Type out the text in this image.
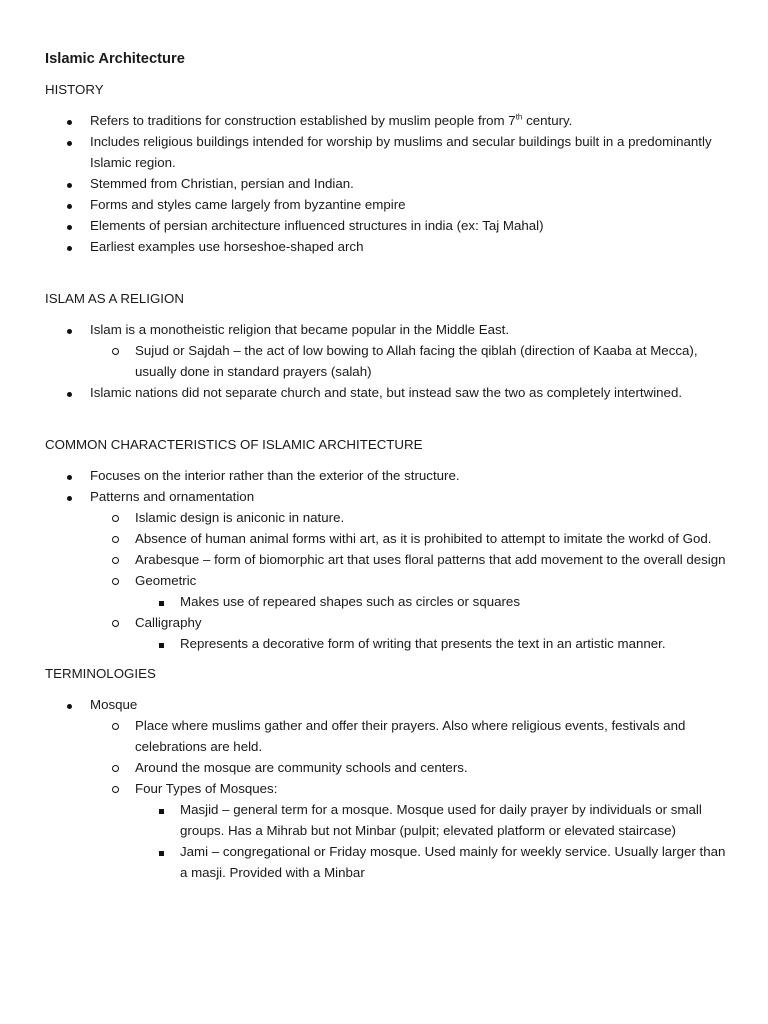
Islamic Architecture
HISTORY
Refers to traditions for construction established by muslim people from 7th century.
Includes religious buildings intended for worship by muslims and secular buildings built in a predominantly Islamic region.
Stemmed from Christian, persian and Indian.
Forms and styles came largely from byzantine empire
Elements of persian architecture influenced structures in india (ex: Taj Mahal)
Earliest examples use horseshoe-shaped arch
ISLAM AS A RELIGION
Islam is a monotheistic religion that became popular in the Middle East.
Sujud or Sajdah – the act of low bowing to Allah facing the qiblah (direction of Kaaba at Mecca), usually done in standard prayers (salah)
Islamic nations did not separate church and state, but instead saw the two as completely intertwined.
COMMON CHARACTERISTICS OF ISLAMIC ARCHITECTURE
Focuses on the interior rather than the exterior of the structure.
Patterns and ornamentation
Islamic design is aniconic in nature.
Absence of human animal forms withi art, as it is prohibited to attempt to imitate the workd of God.
Arabesque – form of biomorphic art that uses floral patterns that add movement to the overall design
Geometric
Makes use of repeared shapes such as circles or squares
Calligraphy
Represents a decorative form of writing that presents the text in an artistic manner.
TERMINOLOGIES
Mosque
Place where muslims gather and offer their prayers. Also where religious events, festivals and celebrations are held.
Around the mosque are community schools and centers.
Four Types of Mosques:
Masjid – general term for a mosque. Mosque used for daily prayer by individuals or small groups. Has a Mihrab but not Minbar (pulpit; elevated platform or elevated staircase)
Jami – congregational or Friday mosque. Used mainly for weekly service. Usually larger than a masji. Provided with a Minbar
